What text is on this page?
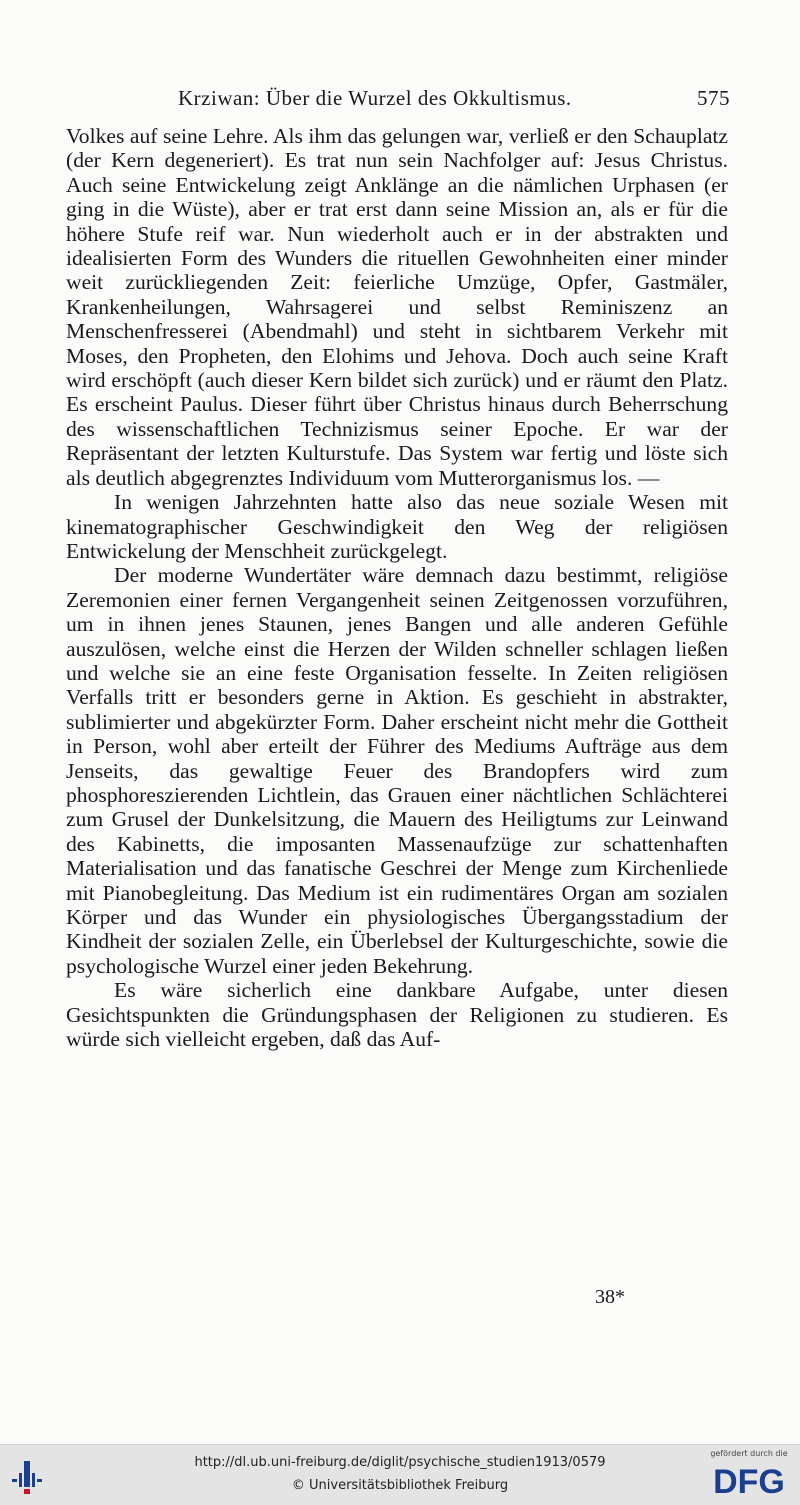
Krziwan: Über die Wurzel des Okkultismus.	575

Volkes auf seine Lehre. Als ihm das gelungen war, verließ er den Schauplatz (der Kern degeneriert). Es trat nun sein Nachfolger auf: Jesus Christus. Auch seine Entwickelung zeigt Anklänge an die nämlichen Urphasen (er ging in die Wüste), aber er trat erst dann seine Mission an, als er für die höhere Stufe reif war. Nun wiederholt auch er in der abstrakten und idealisierten Form des Wunders die rituellen Gewohnheiten einer minder weit zurückliegenden Zeit: feierliche Umzüge, Opfer, Gastmäler, Krankenheilungen, Wahrsagerei und selbst Reminiszenz an Menschenfresserei (Abendmahl) und steht in sichtbarem Verkehr mit Moses, den Propheten, den Elohims und Jehova. Doch auch seine Kraft wird erschöpft (auch dieser Kern bildet sich zurück) und er räumt den Platz. Es erscheint Paulus. Dieser führt über Christus hinaus durch Beherrschung des wissenschaftlichen Technizismus seiner Epoche. Er war der Repräsentant der letzten Kulturstufe. Das System war fertig und löste sich als deutlich abgegrenztes Individuum vom Mutterorganismus los. —

In wenigen Jahrzehnten hatte also das neue soziale Wesen mit kinematographischer Geschwindigkeit den Weg der religiösen Entwickelung der Menschheit zurückgelegt.

Der moderne Wundertäter wäre demnach dazu bestimmt, religiöse Zeremonien einer fernen Vergangenheit seinen Zeitgenossen vorzuführen, um in ihnen jenes Staunen, jenes Bangen und alle anderen Gefühle auszulösen, welche einst die Herzen der Wilden schneller schlagen ließen und welche sie an eine feste Organisation fesselte. In Zeiten religiösen Verfalls tritt er besonders gerne in Aktion. Es geschieht in abstrakter, sublimierter und abgekürzter Form. Daher erscheint nicht mehr die Gottheit in Person, wohl aber erteilt der Führer des Mediums Aufträge aus dem Jenseits, das gewaltige Feuer des Brandopfers wird zum phosphoreszierenden Lichtlein, das Grauen einer nächtlichen Schlächterei zum Grusel der Dunkelsitzung, die Mauern des Heiligtums zur Leinwand des Kabinetts, die imposanten Massenaufzüge zur schattenhaften Materialisation und das fanatische Geschrei der Menge zum Kirchenliede mit Pianobegleitung. Das Medium ist ein rudimentäres Organ am sozialen Körper und das Wunder ein physiologisches Übergangsstadium der Kindheit der sozialen Zelle, ein Überlebsel der Kulturgeschichte, sowie die psychologische Wurzel einer jeden Bekehrung.

Es wäre sicherlich eine dankbare Aufgabe, unter diesen Gesichtspunkten die Gründungsphasen der Religionen zu studieren. Es würde sich vielleicht ergeben, daß das Auf-

38*
http://dl.ub.uni-freiburg.de/diglit/psychische_studien1913/0579
© Universitätsbibliothek Freiburg
gefördert durch die
DFG
